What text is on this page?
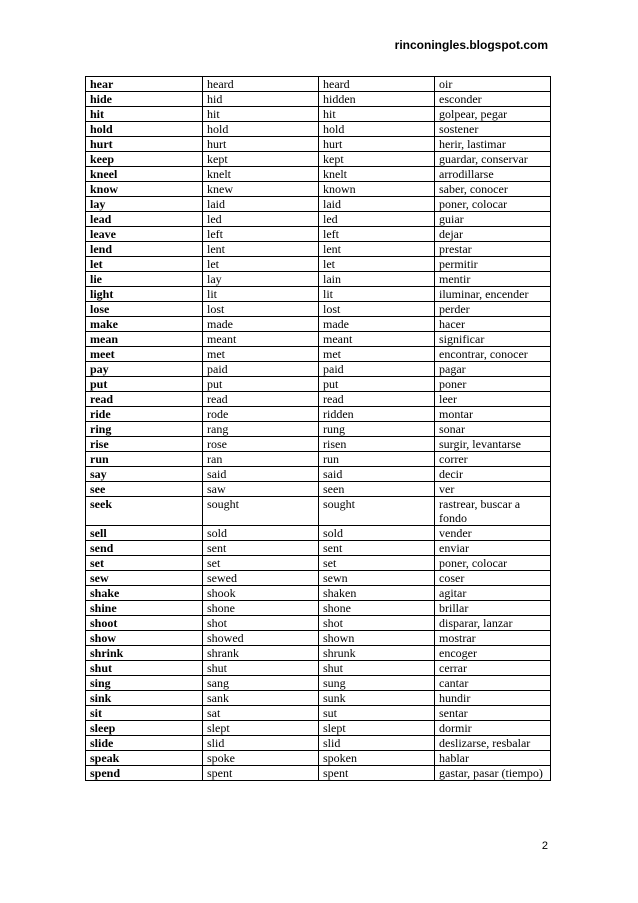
rinconingles.blogspot.com
hear	heard	heard	oir
hide	hid	hidden	esconder
hit	hit	hit	golpear, pegar
hold	hold	hold	sostener
hurt	hurt	hurt	herir, lastimar
keep	kept	kept	guardar, conservar
kneel	knelt	knelt	arrodillarse
know	knew	known	saber, conocer
lay	laid	laid	poner, colocar
lead	led	led	guiar
leave	left	left	dejar
lend	lent	lent	prestar
let	let	let	permitir
lie	lay	lain	mentir
light	lit	lit	iluminar, encender
lose	lost	lost	perder
make	made	made	hacer
mean	meant	meant	significar
meet	met	met	encontrar, conocer
pay	paid	paid	pagar
put	put	put	poner
read	read	read	leer
ride	rode	ridden	montar
ring	rang	rung	sonar
rise	rose	risen	surgir, levantarse
run	ran	run	correr
say	said	said	decir
see	saw	seen	ver
seek	sought	sought	rastrear, buscar a fondo
sell	sold	sold	vender
send	sent	sent	enviar
set	set	set	poner, colocar
sew	sewed	sewn	coser
shake	shook	shaken	agitar
shine	shone	shone	brillar
shoot	shot	shot	disparar, lanzar
show	showed	shown	mostrar
shrink	shrank	shrunk	encoger
shut	shut	shut	cerrar
sing	sang	sung	cantar
sink	sank	sunk	hundir
sit	sat	sut	sentar
sleep	slept	slept	dormir
slide	slid	slid	deslizarse, resbalar
speak	spoke	spoken	hablar
spend	spent	spent	gastar, pasar (tiempo)
2
